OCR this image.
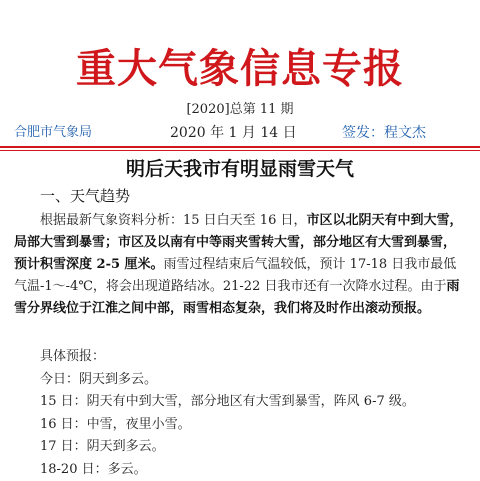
重大气象信息专报
[2020]总第 11 期
合肥市气象局	2020 年 1 月 14 日	签发：程文杰
明后天我市有明显雨雪天气
一、天气趋势

根据最新气象资料分析：15 日白天至 16 日，市区以北阴天有中到大雪，局部大雪到暴雪；市区及以南有中等雨夹雪转大雪，部分地区有大雪到暴雪，预计积雪深度 2-5 厘米。雨雪过程结束后气温较低，预计 17-18 日我市最低气温-1～-4℃，将会出现道路结冰。21-22 日我市还有一次降水过程。由于雨雪分界线位于江淮之间中部，雨雪相态复杂，我们将及时作出滚动预报。

具体预报：
今日：阴天到多云。
15 日：阴天有中到大雪，部分地区有大雪到暴雪，阵风 6-7 级。
16 日：中雪，夜里小雪。
17 日：阴天到多云。
18-20 日：多云。
